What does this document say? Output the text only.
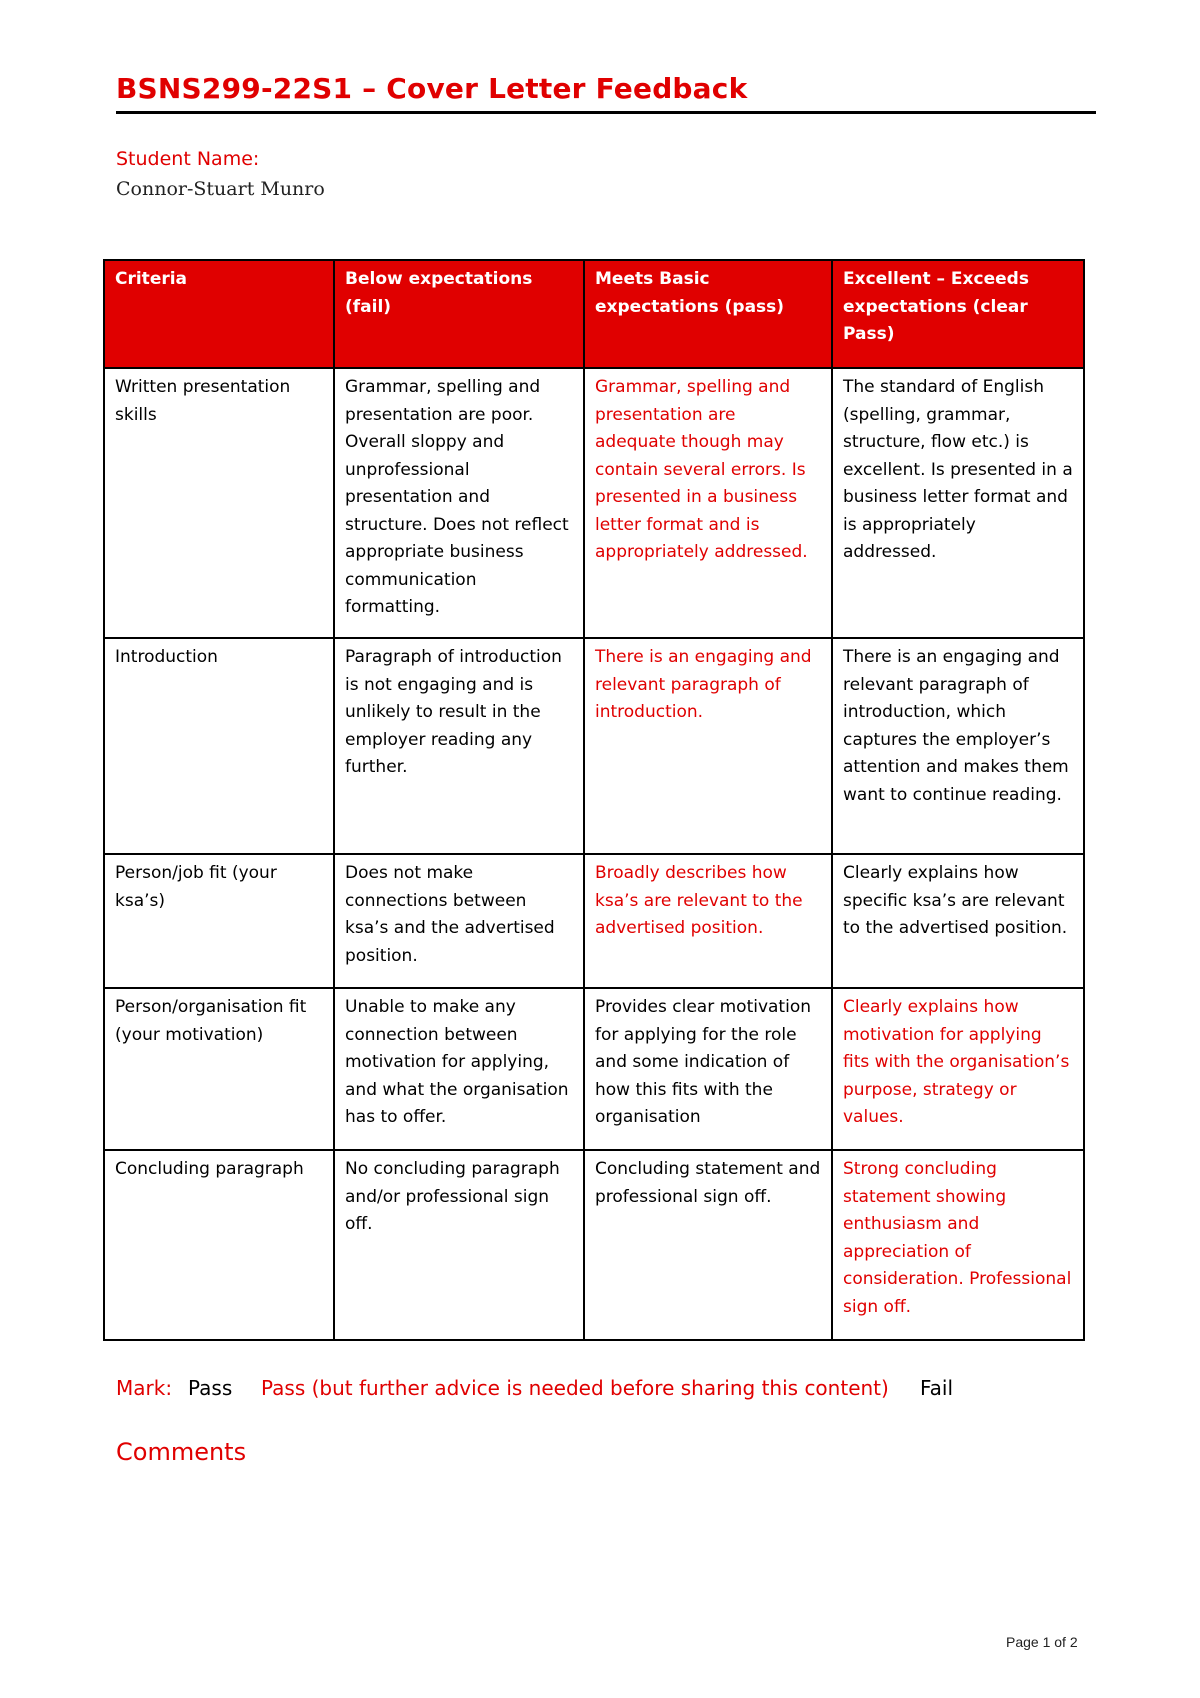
BSNS299-22S1 – Cover Letter Feedback
Student Name:
Connor-Stuart Munro
Criteria	Below expectations (fail)	Meets Basic expectations (pass)	Excellent – Exceeds expectations (clear Pass)
Written presentation skills	Grammar, spelling and presentation are poor. Overall sloppy and unprofessional presentation and structure. Does not reflect appropriate business communication formatting.	Grammar, spelling and presentation are adequate though may contain several errors. Is presented in a business letter format and is appropriately addressed.	The standard of English (spelling, grammar, structure, flow etc.) is excellent. Is presented in a business letter format and is appropriately addressed.
Introduction	Paragraph of introduction is not engaging and is unlikely to result in the employer reading any further.	There is an engaging and relevant paragraph of introduction.	There is an engaging and relevant paragraph of introduction, which captures the employer’s attention and makes them want to continue reading.
Person/job fit (your ksa’s)	Does not make connections between ksa’s and the advertised position.	Broadly describes how ksa’s are relevant to the advertised position.	Clearly explains how specific ksa’s are relevant to the advertised position.
Person/organisation fit (your motivation)	Unable to make any connection between motivation for applying, and what the organisation has to offer.	Provides clear motivation for applying for the role and some indication of how this fits with the organisation	Clearly explains how motivation for applying fits with the organisation’s purpose, strategy or values.
Concluding paragraph	No concluding paragraph and/or professional sign off.	Concluding statement and professional sign off.	Strong concluding statement showing enthusiasm and appreciation of consideration. Professional sign off.
Mark: Pass Pass (but further advice is needed before sharing this content) Fail
Comments
Page 1 of 2
